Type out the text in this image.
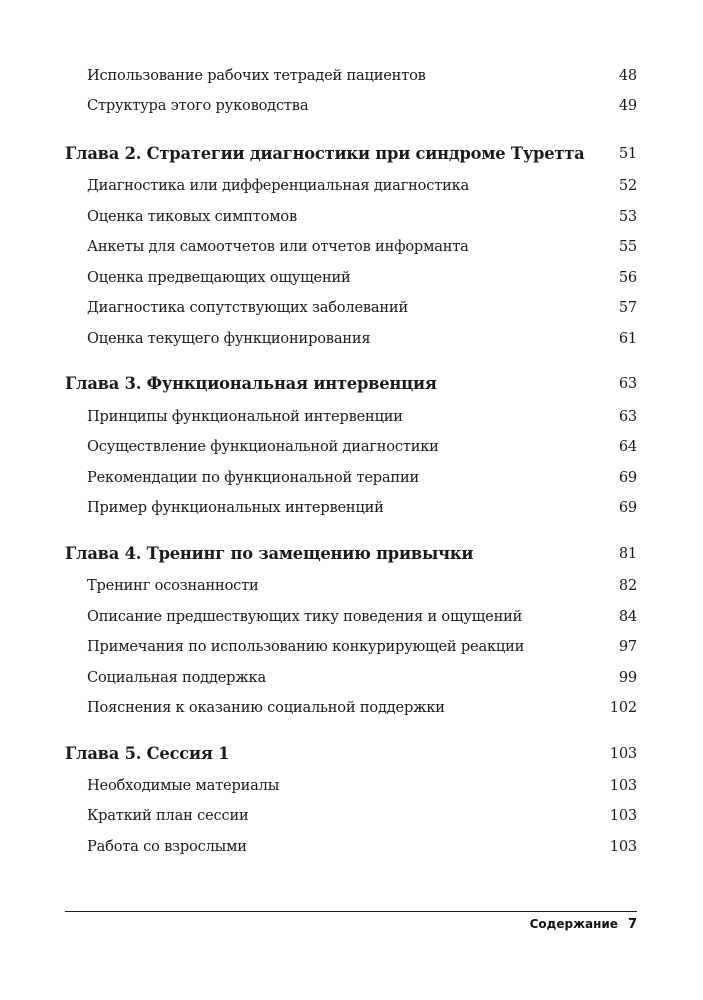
Использование рабочих тетрадей пациентов	48
Структура этого руководства	49
Глава 2. Стратегии диагностики при синдроме Туретта 51
Диагностика или дифференциальная диагностика	52
Оценка тиковых симптомов	53
Анкеты для самоотчетов или отчетов информанта	55
Оценка предвещающих ощущений	56
Диагностика сопутствующих заболеваний	57
Оценка текущего функционирования	61
Глава 3. Функциональная интервенция	63
Принципы функциональной интервенции	63
Осуществление функциональной диагностики	64
Рекомендации по функциональной терапии	69
Пример функциональных интервенций	69
Глава 4. Тренинг по замещению привычки	81
Тренинг осознанности	82
Описание предшествующих тику поведения и ощущений	84
Примечания по использованию конкурирующей реакции	97
Социальная поддержка	99
Пояснения к оказанию социальной поддержки	102
Глава 5. Сессия 1	103
Необходимые материалы	103
Краткий план сессии	103
Работа со взрослыми	103
Содержание 7
